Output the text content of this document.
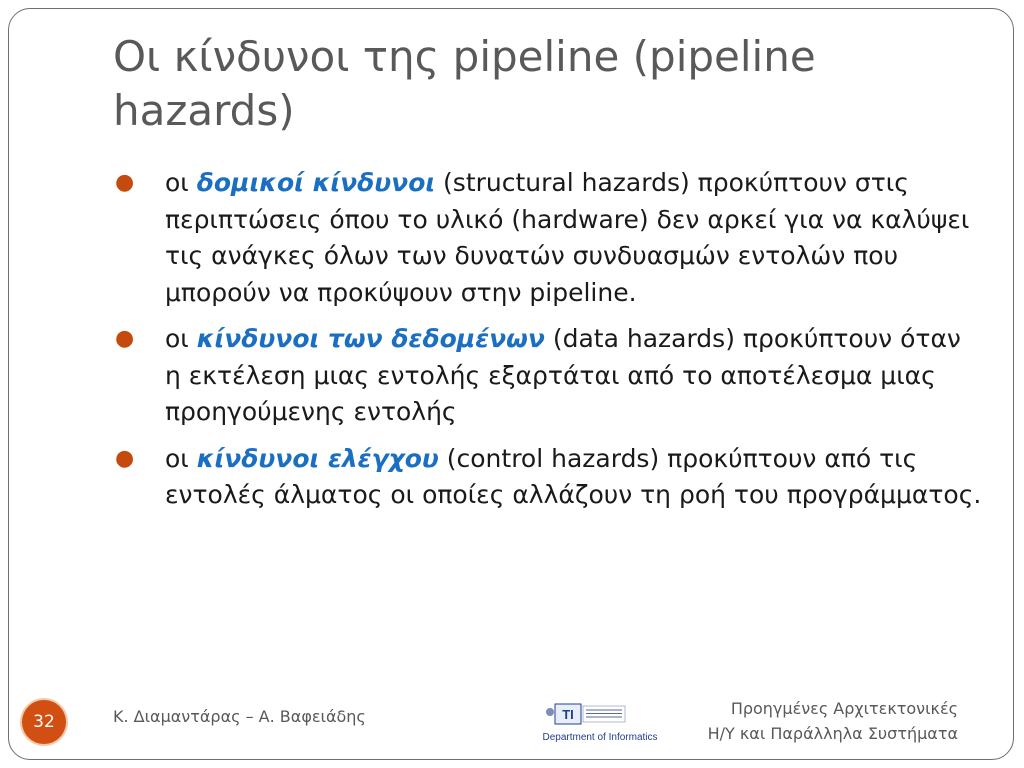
Οι κίνδυνοι της pipeline (pipeline hazards)
● οι δομικοί κίνδυνοι (structural hazards) προκύπτουν στις περιπτώσεις όπου το υλικό (hardware) δεν αρκεί για να καλύψει τις ανάγκες όλων των δυνατών συνδυασμών εντολών που μπορούν να προκύψουν στην pipeline.
● οι κίνδυνοι των δεδομένων (data hazards) προκύπτουν όταν η εκτέλεση μιας εντολής εξαρτάται από το αποτέλεσμα μιας προηγούμενης εντολής
● οι κίνδυνοι ελέγχου (control hazards) προκύπτουν από τις εντολές άλματος οι οποίες αλλάζουν τη ροή του προγράμματος.
32	Κ. Διαμαντάρας – Α. Βαφειάδης	ΤΙ
Department of Informatics
Προηγμένες Αρχιτεκτονικές
Η/Υ και Παράλληλα Συστήματα
